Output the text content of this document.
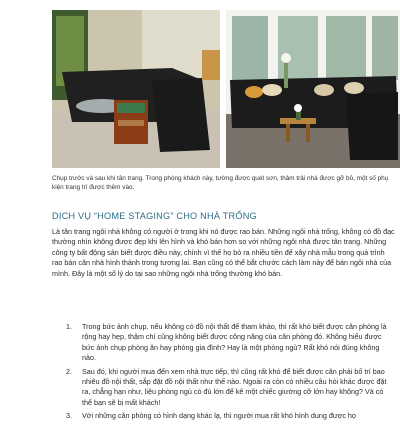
Chụp trước và sau khi tân trang. Trong phòng khách này, tường được quét sơn, thảm trải nhà được gỡ bỏ, một số phụ kiện trang trí được thêm vào.
DỊCH VỤ “HOME STAGING” CHO NHÀ TRỐNG

Là tân trang ngôi nhà không có người ở trong khi nó được rao bán. Những ngôi nhà trống, không có đồ đạc thường nhìn không được đẹp khi lên hình và khó bán hơn so với những ngôi nhà được tân trang. Những công ty bất động sản biết được điều này, chính vì thế họ bỏ ra nhiều tiền để xây nhà mẫu trong quá trình rao bán căn nhà hình thành trong tương lai. Bạn cũng có thể bắt chước cách làm này để bán ngôi nhà của mình. Đây là một số lý do tại sao những ngôi nhà trống thường khó bán.

1. Trong bức ảnh chụp, nếu không có đồ nội thất để tham khảo, thì rất khó biết được căn phòng là rộng hay hẹp, thậm chí cũng không biết được công năng của căn phòng đó. Không hiểu được bức ảnh chụp phòng ăn hay phòng gia đình? Hay là một phòng ngủ? Rất khó nói đúng không nào.
2. Sau đó, khi người mua đến xem nhà trực tiếp, thì cũng rất khó để biết được căn phải bố trí bao nhiêu đồ nội thất, sắp đặt đồ nội thất như thế nào. Ngoài ra còn có nhiều câu hỏi khác được đặt ra, chẳng hạn như, liệu phòng ngủ có đủ lớn để kê một chiếc giường cỡ lớn hay không? Và có thể bạn sẽ bị mất khách!
3. Với những căn phòng có hình dạng khác lạ, thì người mua rất khó hình dung được họ
